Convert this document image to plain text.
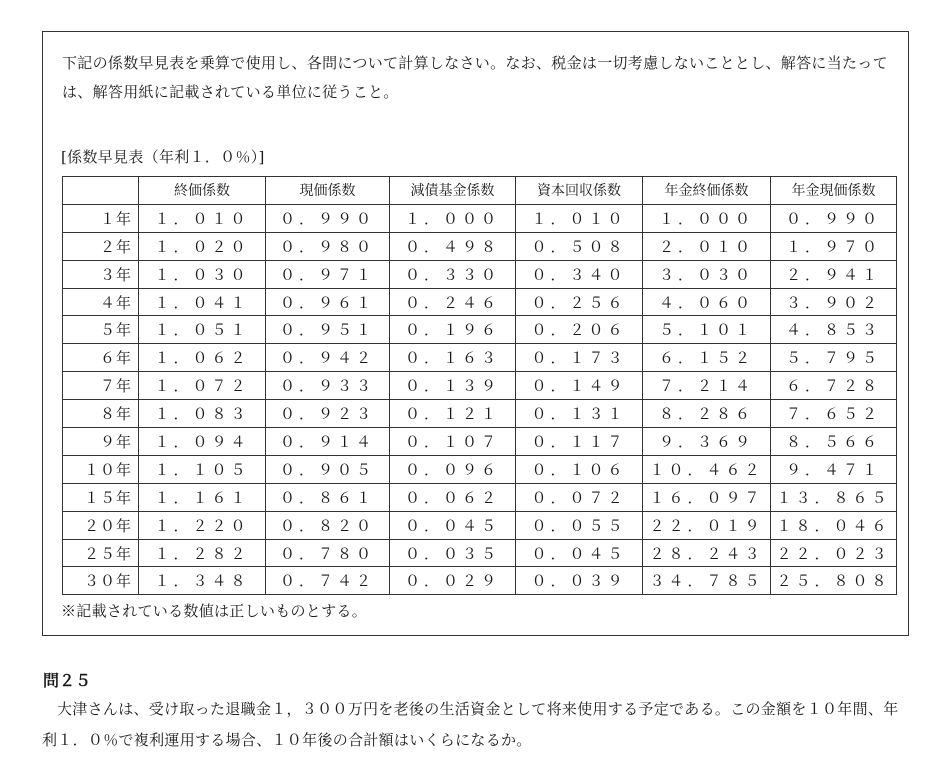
下記の係数早見表を乗算で使用し、各問について計算しなさい。なお、税金は一切考慮しないこととし、解答に当たっては、解答用紙に記載されている単位に従うこと。
[係数早見表（年利１．０％）]
	終価係数	現価係数	減債基金係数	資本回収係数	年金終価係数	年金現価係数
１年	１．０１０	０．９９０	１．０００	１．０１０	１．０００	０．９９０
２年	１．０２０	０．９８０	０．４９８	０．５０８	２．０１０	１．９７０
３年	１．０３０	０．９７１	０．３３０	０．３４０	３．０３０	２．９４１
４年	１．０４１	０．９６１	０．２４６	０．２５６	４．０６０	３．９０２
５年	１．０５１	０．９５１	０．１９６	０．２０６	５．１０１	４．８５３
６年	１．０６２	０．９４２	０．１６３	０．１７３	６．１５２	５．７９５
７年	１．０７２	０．９３３	０．１３９	０．１４９	７．２１４	６．７２８
８年	１．０８３	０．９２３	０．１２１	０．１３１	８．２８６	７．６５２
９年	１．０９４	０．９１４	０．１０７	０．１１７	９．３６９	８．５６６
１０年	１．１０５	０．９０５	０．０９６	０．１０６	１０．４６２	９．４７１
１５年	１．１６１	０．８６１	０．０６２	０．０７２	１６．０９７	１３．８６５
２０年	１．２２０	０．８２０	０．０４５	０．０５５	２２．０１９	１８．０４６
２５年	１．２８２	０．７８０	０．０３５	０．０４５	２８．２４３	２２．０２３
３０年	１．３４８	０．７４２	０．０２９	０．０３９	３４．７８５	２５．８０８
※記載されている数値は正しいものとする。
問２５
大津さんは、受け取った退職金１，３００万円を老後の生活資金として将来使用する予定である。この金額を１０年間、年利１．０％で複利運用する場合、１０年後の合計額はいくらになるか。
